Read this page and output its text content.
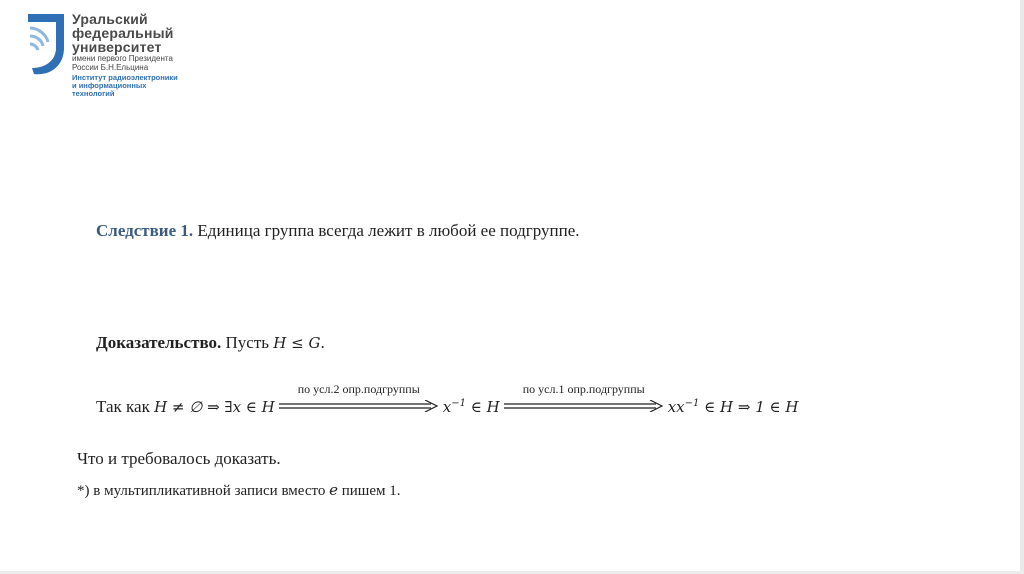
Уральский
федеральный
университет
имени первого Президента
России Б.Н.Ельцина
Институт радиоэлектроники
и информационных
технологий
Следствие 1. Единица группа всегда лежит в любой ее подгруппе.
Доказательство. Пусть H ≤ G.
Так как H ≠ ∅ ⇒ ∃x ∈ H
по усл.2 опр.подгруппы
$x^{-1}$ ∈ H
по усл.1 опр.подгруппы
$xx^{-1}$ ∈ H ⇒ 1 ∈ H
Что и требовалось доказать.
*) в мультипликативной записи вместо e пишем 1.
